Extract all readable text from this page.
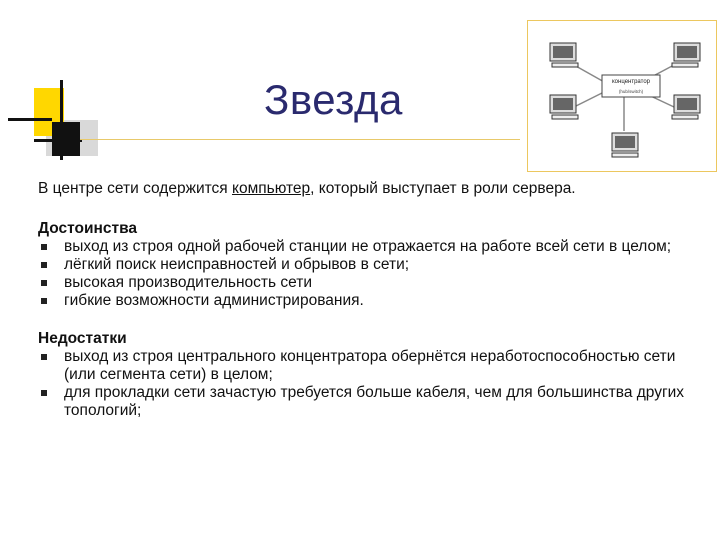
Звезда	концентратор
(hub/switch)

В центре сети содержится компьютер, который выступает в роли сервера.

Достоинства

выход из строя одной рабочей станции не отражается на работе всей сети в целом;
лёгкий поиск неисправностей и обрывов в сети;
высокая производительность сети
гибкие возможности администрирования.

Недостатки

выход из строя центрального концентратора обернётся неработоспособностью сети (или сегмента сети) в целом;
для прокладки сети зачастую требуется больше кабеля, чем для большинства других топологий;
